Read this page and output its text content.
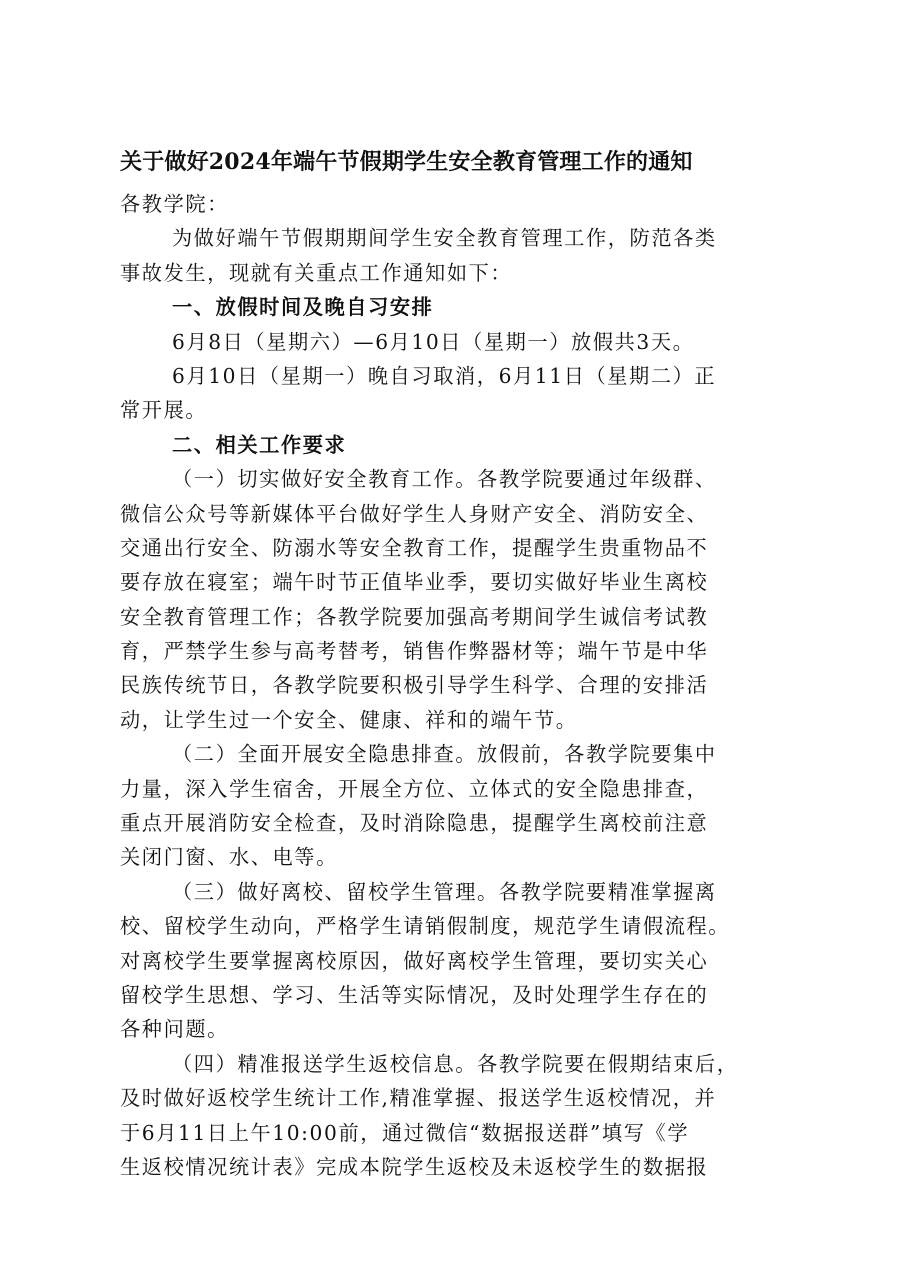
关于做好2024年端午节假期学生安全教育管理工作的通知
各教学院：
为做好端午节假期期间学生安全教育管理工作，防范各类
事故发生，现就有关重点工作通知如下：
一、放假时间及晚自习安排
6月8日（星期六）—6月10日（星期一）放假共3天。
6月10日（星期一）晚自习取消，6月11日（星期二）正
常开展。
二、相关工作要求
（一）切实做好安全教育工作。各教学院要通过年级群、
微信公众号等新媒体平台做好学生人身财产安全、消防安全、
交通出行安全、防溺水等安全教育工作，提醒学生贵重物品不
要存放在寝室；端午时节正值毕业季，要切实做好毕业生离校
安全教育管理工作；各教学院要加强高考期间学生诚信考试教
育，严禁学生参与高考替考，销售作弊器材等；端午节是中华
民族传统节日，各教学院要积极引导学生科学、合理的安排活
动，让学生过一个安全、健康、祥和的端午节。
（二）全面开展安全隐患排查。放假前，各教学院要集中
力量，深入学生宿舍，开展全方位、立体式的安全隐患排查，
重点开展消防安全检查，及时消除隐患，提醒学生离校前注意
关闭门窗、水、电等。
（三）做好离校、留校学生管理。各教学院要精准掌握离
校、留校学生动向，严格学生请销假制度，规范学生请假流程。
对离校学生要掌握离校原因，做好离校学生管理，要切实关心
留校学生思想、学习、生活等实际情况，及时处理学生存在的
各种问题。
（四）精准报送学生返校信息。各教学院要在假期结束后，
及时做好返校学生统计工作,精准掌握、报送学生返校情况，并
于6月11日上午10:00前，通过微信“数据报送群”填写《学
生返校情况统计表》完成本院学生返校及未返校学生的数据报
